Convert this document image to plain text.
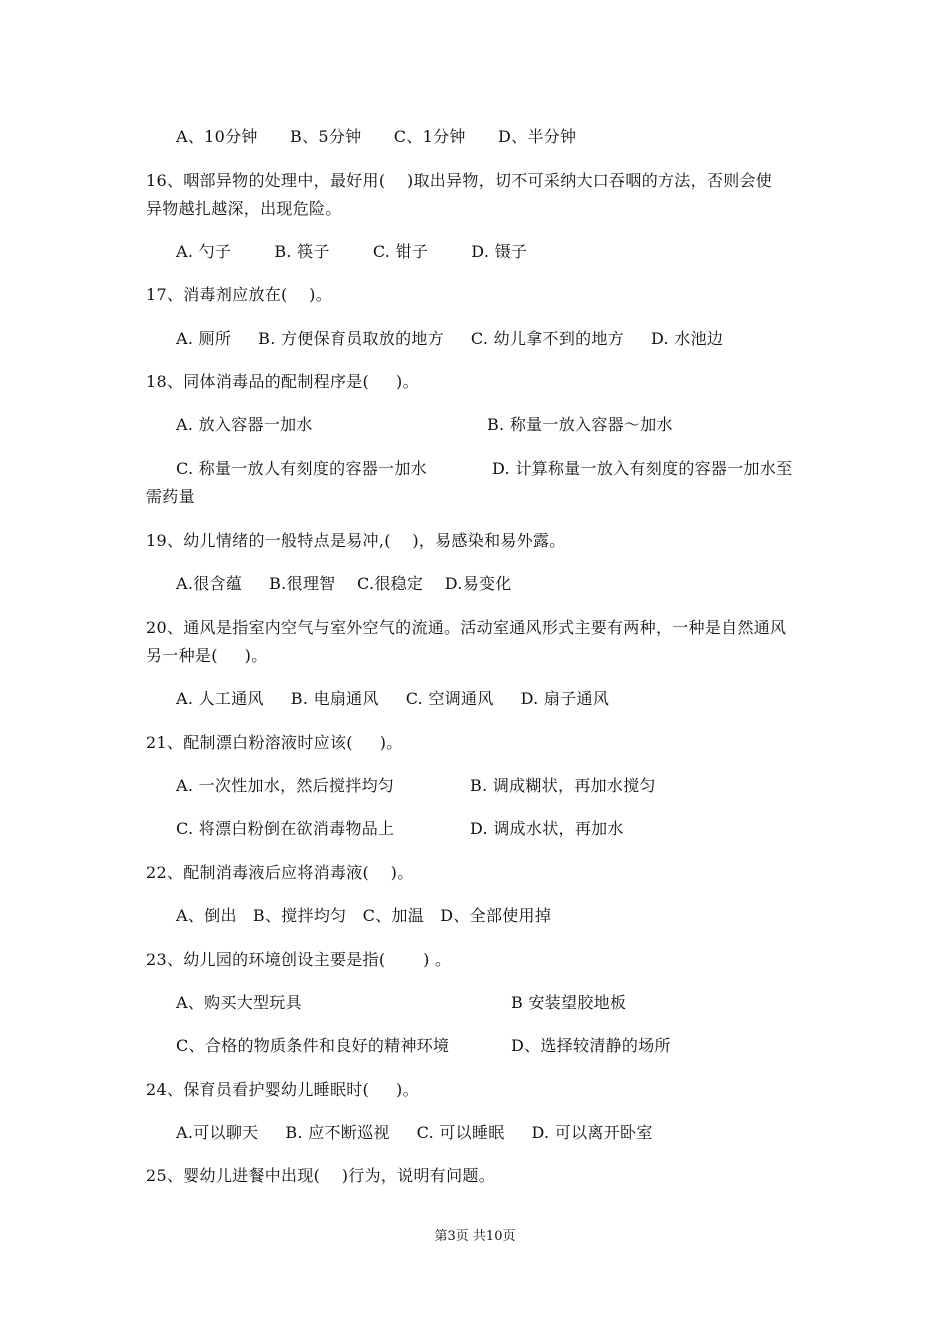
A、10分钟      B、5分钟      C、1分钟      D、半分钟
16、咽部异物的处理中，最好用(    )取出异物，切不可采纳大口吞咽的方法，否则会使
异物越扎越深，出现危险。
A. 勺子        B. 筷子        C. 钳子        D. 镊子
17、消毒剂应放在(    )。
A. 厕所     B. 方便保育员取放的地方     C. 幼儿拿不到的地方     D. 水池边
18、同体消毒品的配制程序是(     )。
A. 放入容器一加水	B. 称量一放入容器～加水
C. 称量一放人有刻度的容器一加水	D. 计算称量一放入有刻度的容器一加水至
需药量
19、幼儿情绪的一般特点是易冲,(    )，易感染和易外露。
A.很含蕴     B.很理智    C.很稳定    D.易变化
20、通风是指室内空气与室外空气的流通。活动室通风形式主要有两种，一种是自然通风
另一种是(     )。
A. 人工通风     B. 电扇通风     C. 空调通风     D. 扇子通风
21、配制漂白粉溶液时应该(     )。
A. 一次性加水，然后搅拌均匀	B. 调成糊状，再加水搅匀
C. 将漂白粉倒在欲消毒物品上	D. 调成水状，再加水
22、配制消毒液后应将消毒液(    )。
A、倒出   B、搅拌均匀   C、加温   D、全部使用掉
23、幼儿园的环境创设主要是指(       ) 。
A、购买大型玩具	B 安装望胶地板
C、合格的物质条件和良好的精神环境	D、选择较清静的场所
24、保育员看护婴幼儿睡眠时(     )。
A.可以聊天     B. 应不断巡视     C. 可以睡眠     D. 可以离开卧室
25、婴幼儿进餐中出现(    )行为，说明有问题。
第3页 共10页
